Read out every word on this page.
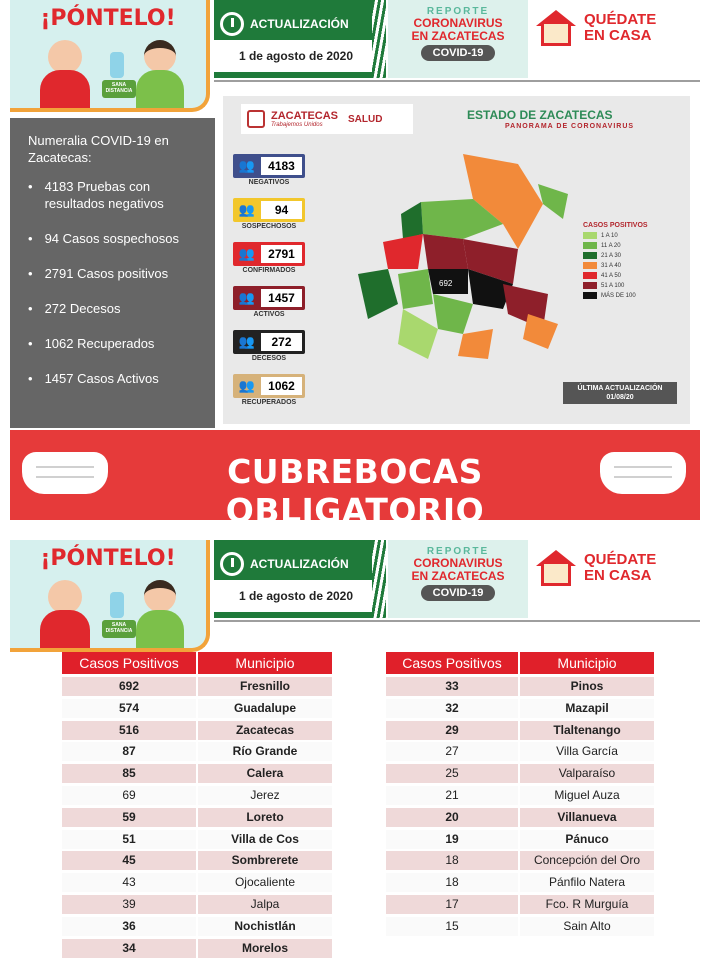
¡PÓNTELO!
SANA DISTANCIA
ACTUALIZACIÓN
1 de agosto de 2020
REPORTE
CORONAVIRUS
EN ZACATECAS
COVID-19
QUÉDATE
EN CASA
Numeralia COVID-19 en Zacatecas:
• 4183 Pruebas con resultados negativos
• 94 Casos sospechosos
• 2791 Casos positivos
• 272 Decesos
• 1062 Recuperados
• 1457 Casos Activos
ZACATECAS
Trabajemos Unidos	SALUD	ESTADO DE ZACATECAS
PANORAMA DE CORONAVIRUS
👥	4183
NEGATIVOS
👥	94
SOSPECHOSOS
👥	2791
CONFIRMADOS
👥	1457
ACTIVOS
👥	272
DECESOS
👥	1062
RECUPERADOS
692
CASOS POSITIVOS
1 A 10
11 A 20
21 A 30
31 A 40
41 A 50
51 A 100
MÁS DE 100
ÚLTIMA ACTUALIZACIÓN
01/08/20
CUBREBOCAS OBLIGATORIO
¡PÓNTELO!
SANA DISTANCIA
ACTUALIZACIÓN
1 de agosto de 2020
REPORTE
CORONAVIRUS
EN ZACATECAS
COVID-19
QUÉDATE
EN CASA
Casos Positivos	Municipio	Casos Positivos	Municipio
692	Fresnillo
574	Guadalupe
516	Zacatecas
87	Río Grande
85	Calera
69	Jerez
59	Loreto
51	Villa de Cos
45	Sombrerete
43	Ojocaliente
39	Jalpa
36	Nochistlán
34	Morelos
33	Pinos
32	Mazapil
29	Tlaltenango
27	Villa García
25	Valparaíso
21	Miguel Auza
20	Villanueva
19	Pánuco
18	Concepción del Oro
18	Pánfilo Natera
17	Fco. R Murguía
15	Sain Alto
